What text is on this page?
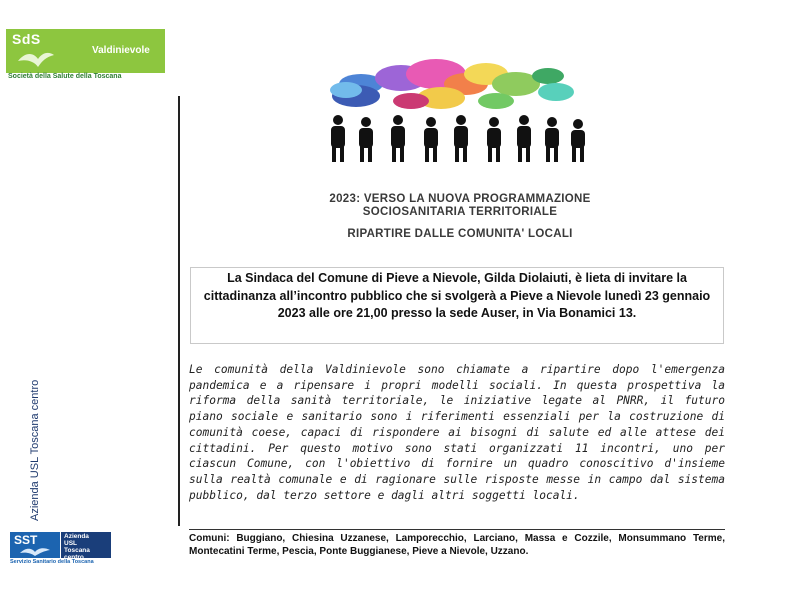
SdS
Valdinievole
Società della Salute della Toscana
2023: VERSO LA NUOVA PROGRAMMAZIONE
SOCIOSANITARIA TERRITORIALE
RIPARTIRE DALLE COMUNITA' LOCALI
La Sindaca del Comune di Pieve a Nievole, Gilda Diolaiuti, è lieta di invitare la cittadinanza all’incontro pubblico che si svolgerà a Pieve a Nievole lunedì 23 gennaio 2023 alle ore 21,00 presso la sede Auser, in Via Bonamici 13.
Le comunità della Valdinievole sono chiamate a ripartire dopo l'emergenza pandemica e a ripensare i propri modelli sociali. In questa prospettiva la riforma della sanità territoriale, le iniziative legate al PNRR, il futuro piano sociale e sanitario sono i riferimenti essenziali per la costruzione di comunità coese, capaci di rispondere ai bisogni di salute ed alle attese dei cittadini. Per questo motivo sono stati organizzati 11 incontri, uno per ciascun Comune, con l'obiettivo di fornire un quadro conoscitivo d'insieme sulla realtà comunale e di ragionare sulle risposte messe in campo dal sistema pubblico, dal terzo settore e dagli altri soggetti locali.
Comuni: Buggiano, Chiesina Uzzanese, Lamporecchio, Larciano, Massa e Cozzile, Monsummano Terme, Montecatini Terme, Pescia, Ponte Buggianese, Pieve a Nievole, Uzzano.
Azienda USL Toscana centro
SST	Azienda
USL
Toscana
centro
Servizio Sanitario della Toscana
